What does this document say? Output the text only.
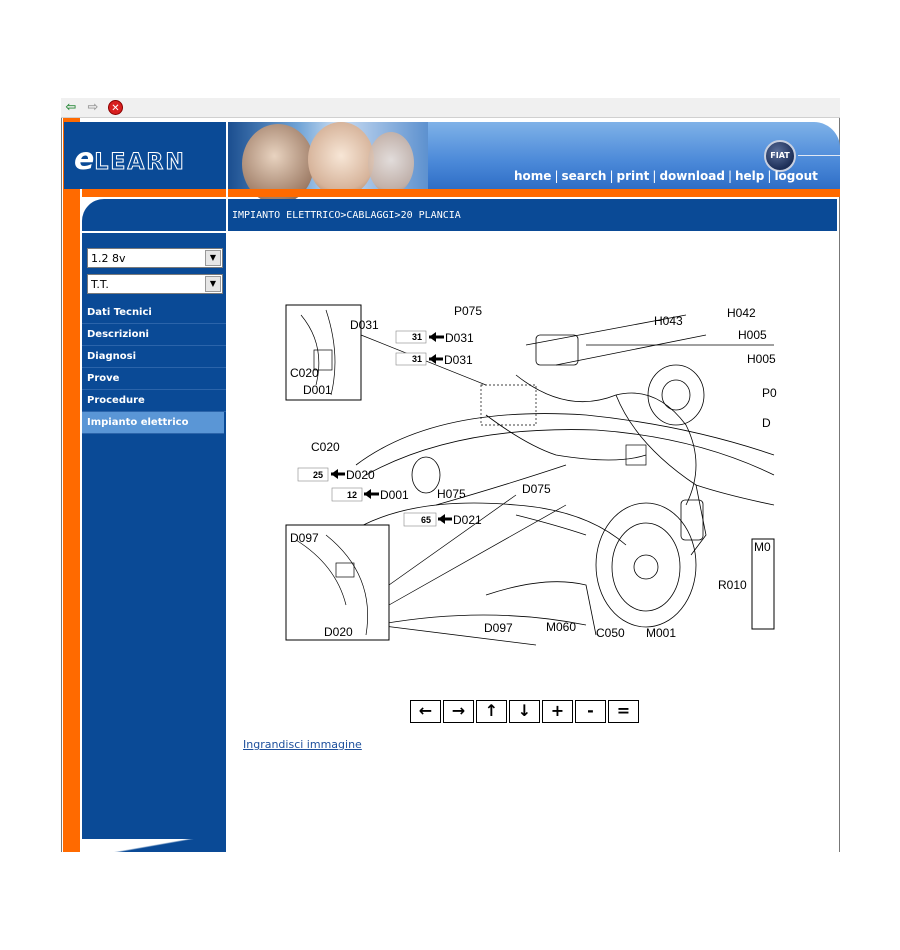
⇦ ⇨	✕
eLEARN	FIAT
home | search | print | download | help | logout
IMPIANTO ELETTRICO>CABLAGGI>20 PLANCIA
1.2 8v	▼
T.T.	▼
Dati Tecnici
Descrizioni
Diagnosi
Prove
Procedure
Impianto elettrico
P075
H043
H042
H005
H005
D031
D031
D031
C020
D001	P0
D
C020
D020
D001 H075	D075
D021
D097
D020	D097	M060 C050 M001
R010
M0
31
31
25
12
65
←	→	↑	↓	+	-	=
Ingrandisci immagine
